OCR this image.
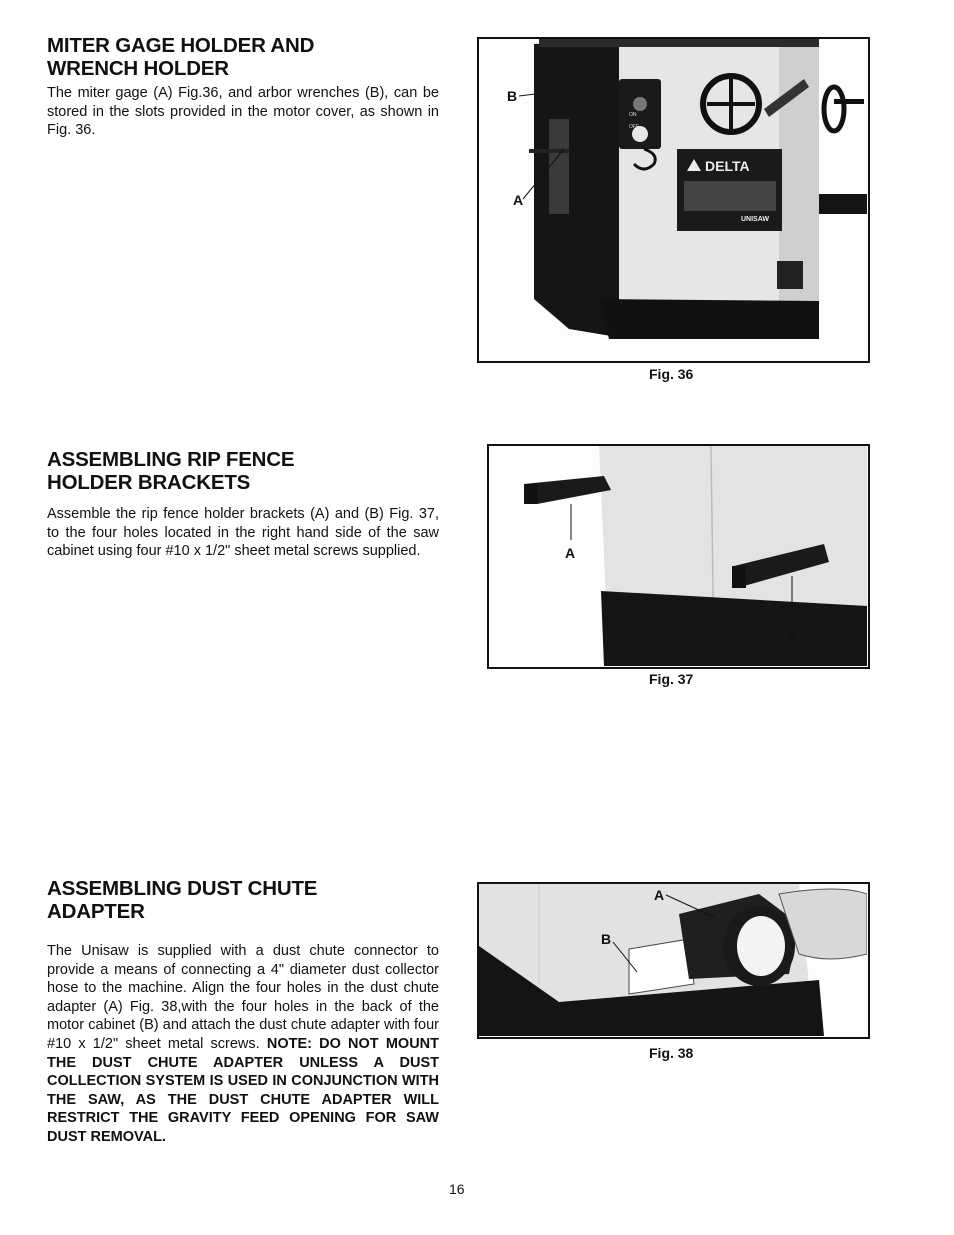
MITER GAGE HOLDER AND
WRENCH HOLDER
The miter gage (A) Fig.36, and arbor wrenches (B), can be stored in the slots provided in the motor cover, as shown in Fig. 36.
ON
OFF
DELTA
UNISAW
B
A
Fig. 36
ASSEMBLING RIP FENCE
HOLDER BRACKETS
Assemble the rip fence holder brackets (A) and (B) Fig. 37, to the four holes located in the right hand side of the saw cabinet using four #10 x 1/2" sheet metal screws supplied.	A
B
Fig. 37
ASSEMBLING DUST CHUTE
ADAPTER
The Unisaw is supplied with a dust chute connector to provide a means of connecting a 4" diameter dust collector hose to the machine. Align the four holes in the dust chute adapter (A) Fig. 38,with the four holes in the back of the motor cabinet (B) and attach the dust chute adapter with four #10 x 1/2" sheet metal screws. NOTE: DO NOT MOUNT THE DUST CHUTE ADAPTER UNLESS A DUST COLLECTION SYSTEM IS USED IN CONJUNCTION WITH THE SAW, AS THE DUST CHUTE ADAPTER WILL RESTRICT THE GRAVITY FEED OPENING FOR SAW DUST REMOVAL.
A
B
Fig. 38
16
